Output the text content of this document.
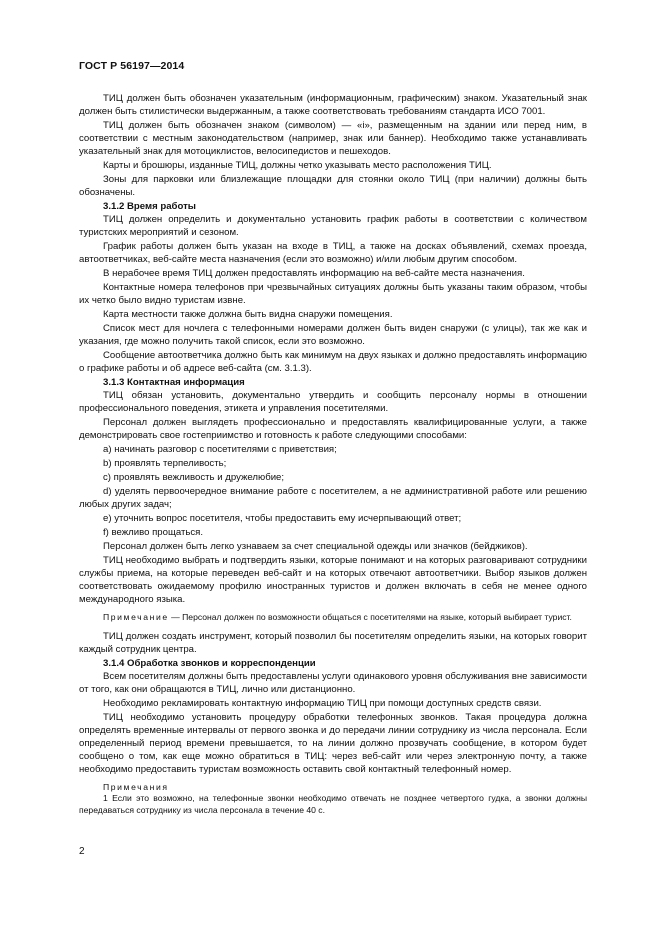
ГОСТ Р 56197—2014

ТИЦ должен быть обозначен указательным (информационным, графическим) знаком. Указательный знак должен быть стилистически выдержанным, а также соответствовать требованиям стандарта ИСО 7001.

ТИЦ должен быть обозначен знаком (символом) — «i», размещенным на здании или перед ним, в соответствии с местным законодательством (например, знак или баннер). Необходимо также устанавливать указательный знак для мотоциклистов, велосипедистов и пешеходов.

Карты и брошюры, изданные ТИЦ, должны четко указывать место расположения ТИЦ.

Зоны для парковки или близлежащие площадки для стоянки около ТИЦ (при наличии) должны быть обозначены.

3.1.2 Время работы

ТИЦ должен определить и документально установить график работы в соответствии с количеством туристских мероприятий и сезоном.

График работы должен быть указан на входе в ТИЦ, а также на досках объявлений, схемах проезда, автоответчиках, веб-сайте места назначения (если это возможно) и/или любым другим способом.

В нерабочее время ТИЦ должен предоставлять информацию на веб-сайте места назначения.

Контактные номера телефонов при чрезвычайных ситуациях должны быть указаны таким образом, чтобы их четко было видно туристам извне.

Карта местности также должна быть видна снаружи помещения.

Список мест для ночлега с телефонными номерами должен быть виден снаружи (с улицы), так же как и указания, где можно получить такой список, если это возможно.

Сообщение автоответчика должно быть как минимум на двух языках и должно предоставлять информацию о графике работы и об адресе веб-сайта (см. 3.1.3).

3.1.3 Контактная информация

ТИЦ обязан установить, документально утвердить и сообщить персоналу нормы в отношении профессионального поведения, этикета и управления посетителями.

Персонал должен выглядеть профессионально и предоставлять квалифицированные услуги, а также демонстрировать свое гостеприимство и готовность к работе следующими способами:

a) начинать разговор с посетителями с приветствия;

b) проявлять терпеливость;

c) проявлять вежливость и дружелюбие;

d) уделять первоочередное внимание работе с посетителем, а не административной работе или решению любых других задач;

e) уточнить вопрос посетителя, чтобы предоставить ему исчерпывающий ответ;

f) вежливо прощаться.

Персонал должен быть легко узнаваем за счет специальной одежды или значков (бейджиков).

ТИЦ необходимо выбрать и подтвердить языки, которые понимают и на которых разговаривают сотрудники службы приема, на которые переведен веб-сайт и на которых отвечают автоответчики. Выбор языков должен соответствовать ожидаемому профилю иностранных туристов и должен включать в себя не менее одного международного языка.

Примечание — Персонал должен по возможности общаться с посетителями на языке, который выбирает турист.

ТИЦ должен создать инструмент, который позволил бы посетителям определить языки, на которых говорит каждый сотрудник центра.

3.1.4 Обработка звонков и корреспонденции

Всем посетителям должны быть предоставлены услуги одинакового уровня обслуживания вне зависимости от того, как они обращаются в ТИЦ, лично или дистанционно.

Необходимо рекламировать контактную информацию ТИЦ при помощи доступных средств связи.

ТИЦ необходимо установить процедуру обработки телефонных звонков. Такая процедура должна определять временные интервалы от первого звонка и до передачи линии сотруднику из числа персонала. Если определенный период времени превышается, то на линии должно прозвучать сообщение, в котором будет сообщено о том, как еще можно обратиться в ТИЦ: через веб-сайт или через электронную почту, а также необходимо предоставить туристам возможность оставить свой контактный телефонный номер.

Примечания

1 Если это возможно, на телефонные звонки необходимо отвечать не позднее четвертого гудка, а звонки должны передаваться сотруднику из числа персонала в течение 40 с.

2
